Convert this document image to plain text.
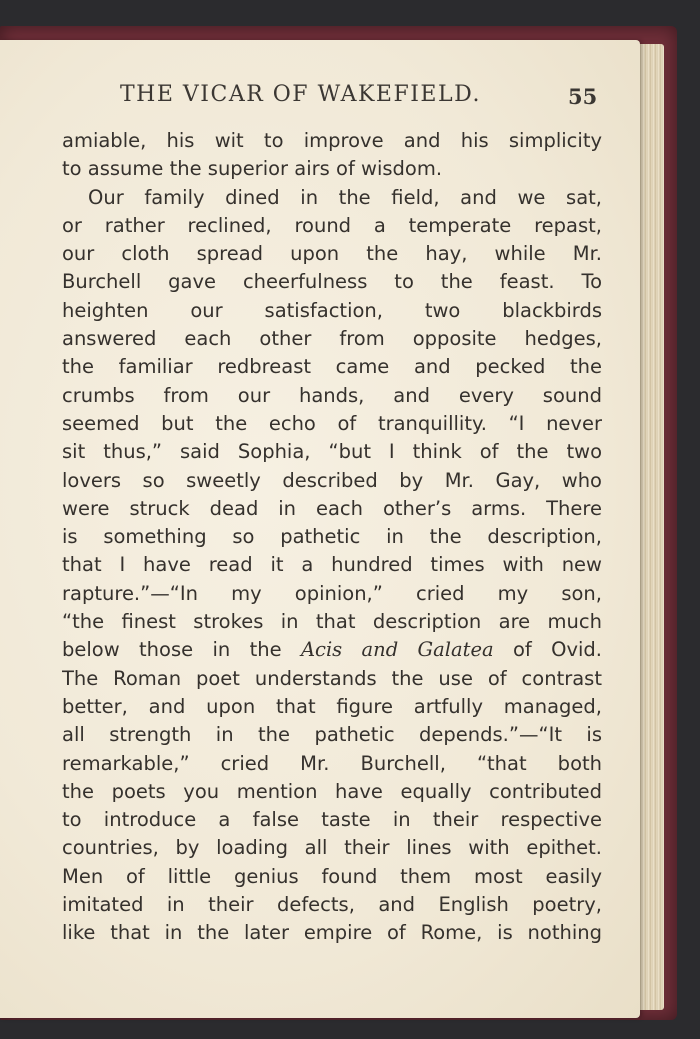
THE VICAR OF WAKEFIELD.	55
amiable, his wit to improve and his simplicity
to assume the superior airs of wisdom.
Our family dined in the field, and we sat,
or rather reclined, round a temperate repast,
our cloth spread upon the hay, while Mr.
Burchell gave cheerfulness to the feast. To
heighten our satisfaction, two blackbirds
answered each other from opposite hedges,
the familiar redbreast came and pecked the
crumbs from our hands, and every sound
seemed but the echo of tranquillity. “I never
sit thus,” said Sophia, “but I think of the two
lovers so sweetly described by Mr. Gay, who
were struck dead in each other’s arms. There
is something so pathetic in the description,
that I have read it a hundred times with new
rapture.”—“In my opinion,” cried my son,
“the finest strokes in that description are much
below those in the Acis and Galatea of Ovid.
The Roman poet understands the use of contrast
better, and upon that figure artfully managed,
all strength in the pathetic depends.”—“It is
remarkable,” cried Mr. Burchell, “that both
the poets you mention have equally contributed
to introduce a false taste in their respective
countries, by loading all their lines with epithet.
Men of little genius found them most easily
imitated in their defects, and English poetry,
like that in the later empire of Rome, is nothing
